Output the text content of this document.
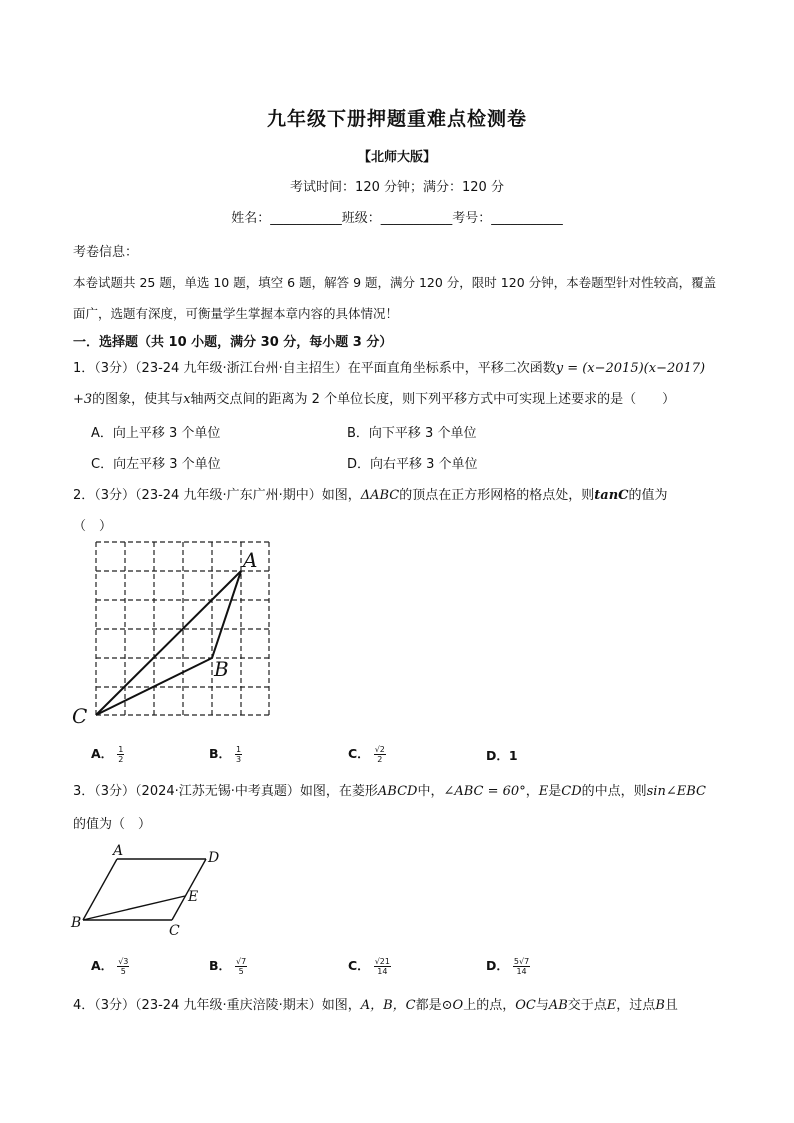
九年级下册押题重难点检测卷
【北师大版】
考试时间：120 分钟；满分：120 分
姓名：___________班级：___________考号：___________
考卷信息：
本卷试题共 25 题，单选 10 题，填空 6 题，解答 9 题，满分 120 分，限时 120 分钟，本卷题型针对性较高，覆盖
面广，选题有深度，可衡量学生掌握本章内容的具体情况！
一．选择题（共 10 小题，满分 30 分，每小题 3 分）
1．（3分）（23-24 九年级·浙江台州·自主招生）在平面直角坐标系中，平移二次函数y = (x−2015)(x−2017)
+3的图象，使其与x轴两交点间的距离为 2 个单位长度，则下列平移方式中可实现上述要求的是（　　）
A．向上平移 3 个单位	B．向下平移 3 个单位
C．向左平移 3 个单位	D．向右平移 3 个单位
2．（3分）（23-24 九年级·广东广州·期中）如图，ΔABC的顶点在正方形网格的格点处，则tanC的值为
（　）
A
B
C
A． $\frac{1}{2}$	B． $\frac{1}{3}$	C． $\frac{√2}{2}$	D．1
3．（3分）（2024·江苏无锡·中考真题）如图，在菱形ABCD中，∠ABC = 60°，E是CD的中点，则sin∠EBC
的值为（　）
A	D
E
B	C
A． $\frac{√3}{5}$	B． $\frac{√7}{5}$	C． $\frac{√21}{14}$	D． $\frac{5√7}{14}$
4．（3分）（23-24 九年级·重庆涪陵·期末）如图，A，B，C都是⊙O上的点，OC与AB交于点E，过点B且
